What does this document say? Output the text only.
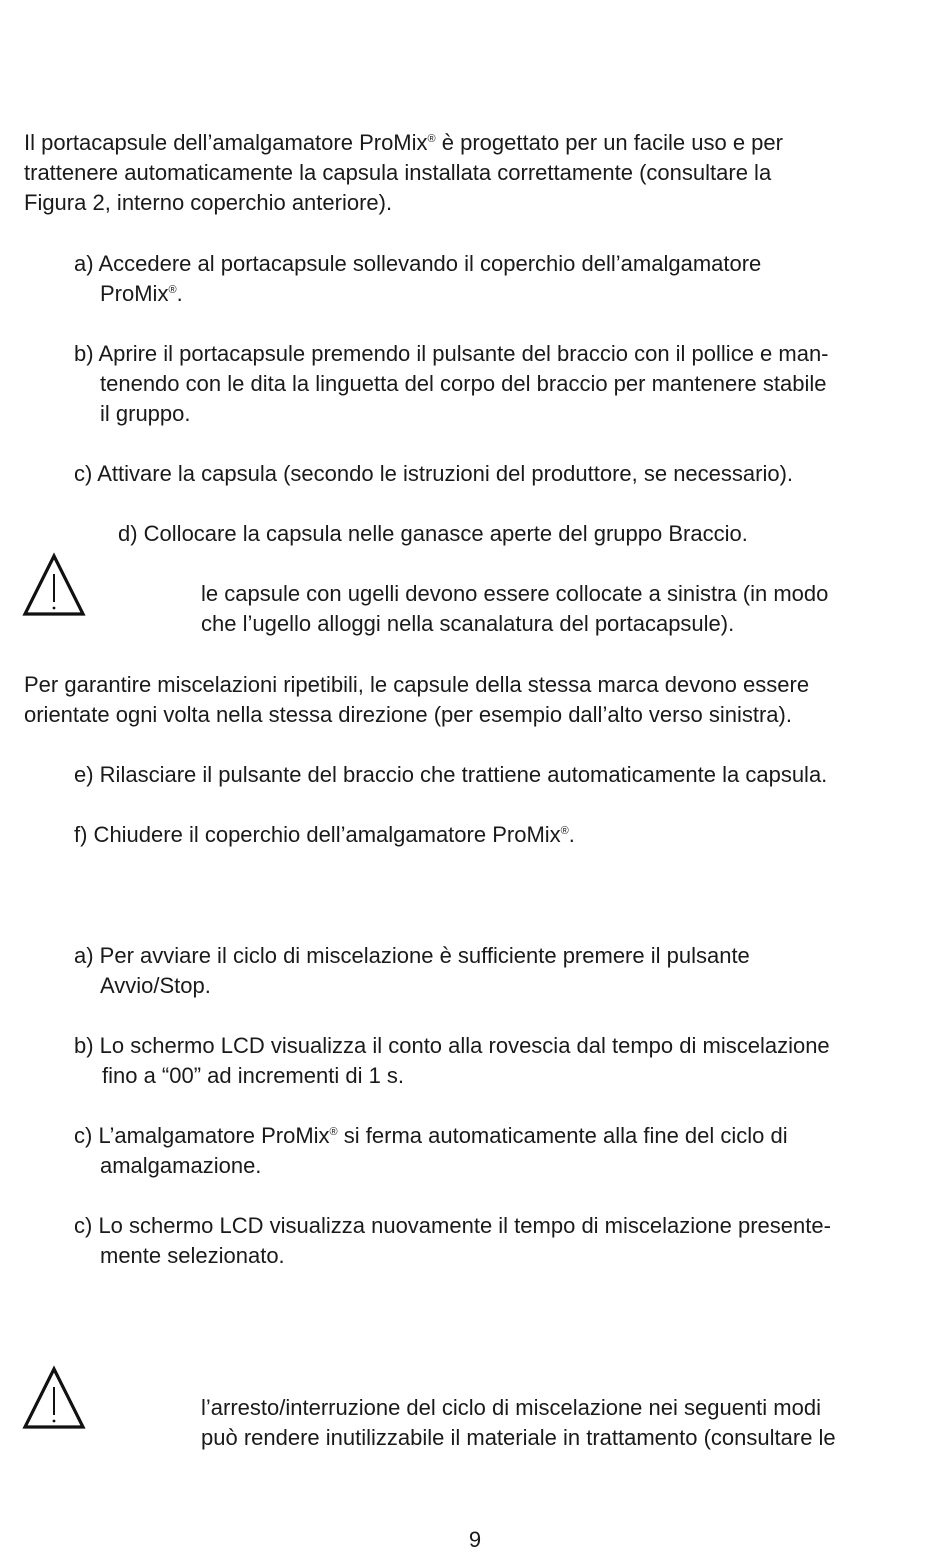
Il portacapsule dell’amalgamatore ProMix® è progettato per un facile uso e per
trattenere automaticamente la capsula installata correttamente (consultare la
Figura 2, interno coperchio anteriore).
a) Accedere al portacapsule sollevando il coperchio dell’amalgamatore
ProMix®.
b) Aprire il portacapsule premendo il pulsante del braccio con il pollice e man-
tenendo con le dita la linguetta del corpo del braccio per mantenere stabile
il gruppo.
c) Attivare la capsula (secondo le istruzioni del produttore, se necessario).
d) Collocare la capsula nelle ganasce aperte del gruppo Braccio.
le capsule con ugelli devono essere collocate a sinistra (in modo
che l’ugello alloggi nella scanalatura del portacapsule).
Per garantire miscelazioni ripetibili, le capsule della stessa marca devono essere
orientate ogni volta nella stessa direzione (per esempio dall’alto verso sinistra).
e) Rilasciare il pulsante del braccio che trattiene automaticamente la capsula.
f) Chiudere il coperchio dell’amalgamatore ProMix®.
a) Per avviare il ciclo di miscelazione è sufficiente premere il pulsante
Avvio/Stop.
b) Lo schermo LCD visualizza il conto alla rovescia dal tempo di miscelazione
fino a “00” ad incrementi di 1 s.
c) L’amalgamatore ProMix® si ferma automaticamente alla fine del ciclo di
amalgamazione.
c) Lo schermo LCD visualizza nuovamente il tempo di miscelazione presente-
mente selezionato.
l’arresto/interruzione del ciclo di miscelazione nei seguenti modi
può rendere inutilizzabile il materiale in trattamento (consultare le
9
